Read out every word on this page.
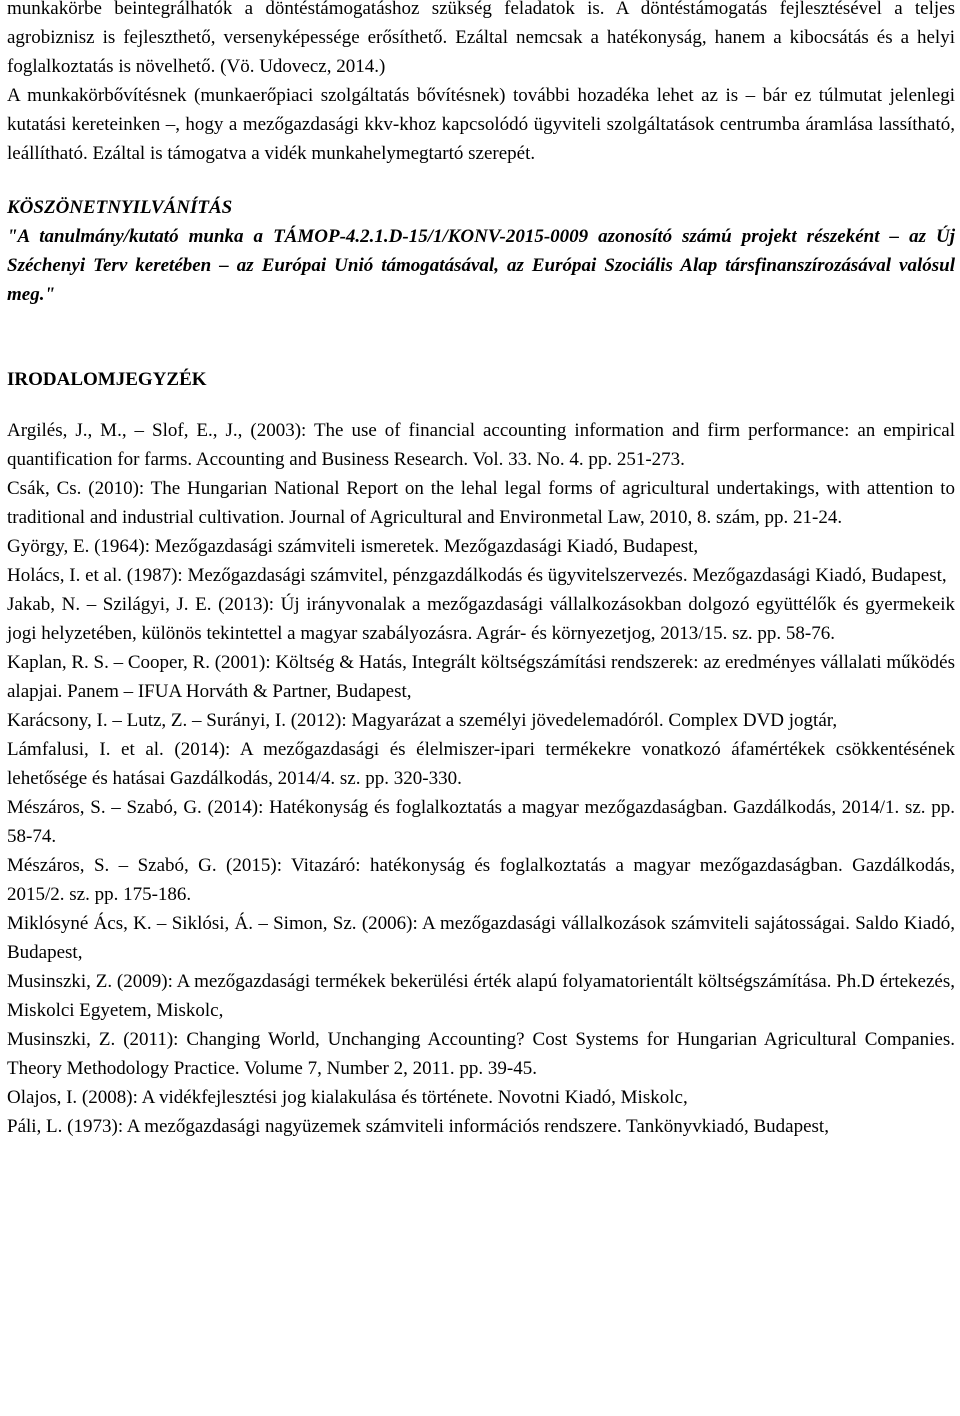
munkakörbe beintegrálhatók a döntéstámogatáshoz szükség feladatok is. A döntéstámogatás fejlesztésével a teljes agrobiznisz is fejleszthető, versenyképessége erősíthető. Ezáltal nemcsak a hatékonyság, hanem a kibocsátás és a helyi foglalkoztatás is növelhető. (Vö. Udovecz, 2014.)

A munkakörbővítésnek (munkaerőpiaci szolgáltatás bővítésnek) további hozadéka lehet az is – bár ez túlmutat jelenlegi kutatási kereteinken –, hogy a mezőgazdasági kkv-khoz kapcsolódó ügyviteli szolgáltatások centrumba áramlása lassítható, leállítható. Ezáltal is támogatva a vidék munkahelymegtartó szerepét.

KÖSZÖNETNYILVÁNÍTÁS

"A tanulmány/kutató munka a TÁMOP-4.2.1.D-15/1/KONV-2015-0009 azonosító számú projekt részeként – az Új Széchenyi Terv keretében – az Európai Unió támogatásával, az Európai Szociális Alap társfinanszírozásával valósul meg."

IRODALOMJEGYZÉK

Argilés, J., M., – Slof, E., J., (2003): The use of financial accounting information and firm performance: an empirical quantification for farms. Accounting and Business Research. Vol. 33. No. 4. pp. 251-273.

Csák, Cs. (2010): The Hungarian National Report on the lehal legal forms of agricultural undertakings, with attention to traditional and industrial cultivation. Journal of Agricultural and Environmetal Law, 2010, 8. szám, pp. 21-24.

György, E. (1964): Mezőgazdasági számviteli ismeretek. Mezőgazdasági Kiadó, Budapest,

Holács, I. et al. (1987): Mezőgazdasági számvitel, pénzgazdálkodás és ügyvitelszervezés. Mezőgazdasági Kiadó, Budapest,

Jakab, N. – Szilágyi, J. E. (2013): Új irányvonalak a mezőgazdasági vállalkozásokban dolgozó együttélők és gyermekeik jogi helyzetében, különös tekintettel a magyar szabályozásra. Agrár- és környezetjog, 2013/15. sz. pp. 58-76.

Kaplan, R. S. – Cooper, R. (2001): Költség & Hatás, Integrált költségszámítási rendszerek: az eredményes vállalati működés alapjai. Panem – IFUA Horváth & Partner, Budapest,

Karácsony, I. – Lutz, Z. – Surányi, I. (2012): Magyarázat a személyi jövedelemadóról. Complex DVD jogtár,

Lámfalusi, I. et al. (2014): A mezőgazdasági és élelmiszer-ipari termékekre vonatkozó áfamértékek csökkentésének lehetősége és hatásai Gazdálkodás, 2014/4. sz. pp. 320-330.

Mészáros, S. – Szabó, G. (2014): Hatékonyság és foglalkoztatás a magyar mezőgazdaságban. Gazdálkodás, 2014/1. sz. pp. 58-74.

Mészáros, S. – Szabó, G. (2015): Vitazáró: hatékonyság és foglalkoztatás a magyar mezőgazdaságban. Gazdálkodás, 2015/2. sz. pp. 175-186.

Miklósyné Ács, K. – Siklósi, Á. – Simon, Sz. (2006): A mezőgazdasági vállalkozások számviteli sajátosságai. Saldo Kiadó, Budapest,

Musinszki, Z. (2009): A mezőgazdasági termékek bekerülési érték alapú folyamatorientált költségszámítása. Ph.D értekezés, Miskolci Egyetem, Miskolc,

Musinszki, Z. (2011): Changing World, Unchanging Accounting? Cost Systems for Hungarian Agricultural Companies. Theory Methodology Practice. Volume 7, Number 2, 2011. pp. 39-45.

Olajos, I. (2008): A vidékfejlesztési jog kialakulása és története. Novotni Kiadó, Miskolc,

Páli, L. (1973): A mezőgazdasági nagyüzemek számviteli információs rendszere. Tankönyvkiadó, Budapest,
